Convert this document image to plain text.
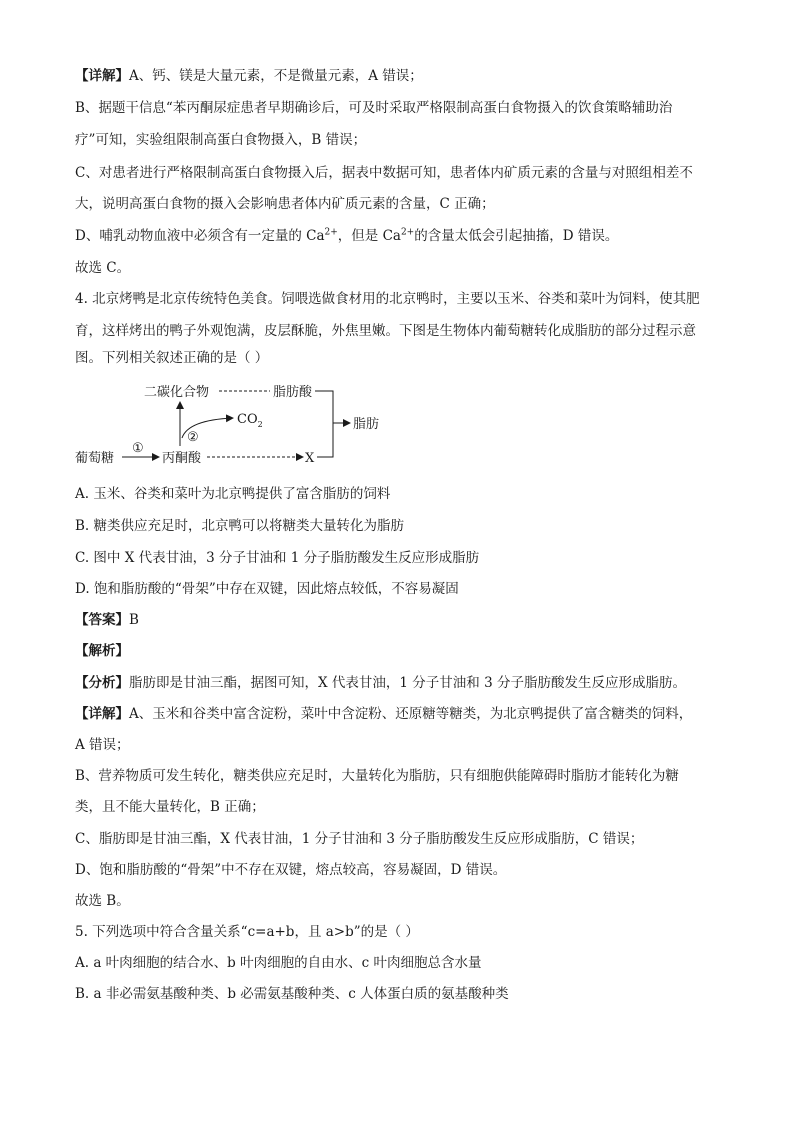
【详解】A、钙、镁是大量元素，不是微量元素，A 错误；
B、据题干信息“苯丙酮尿症患者早期确诊后，可及时采取严格限制高蛋白食物摄入的饮食策略辅助治
疗”可知，实验组限制高蛋白食物摄入，B 错误；
C、对患者进行严格限制高蛋白食物摄入后，据表中数据可知，患者体内矿质元素的含量与对照组相差不
大，说明高蛋白食物的摄入会影响患者体内矿质元素的含量，C 正确；
D、哺乳动物血液中必须含有一定量的 $Ca^{2+}$，但是 $Ca^{2+}$的含量太低会引起抽搐，D 错误。
故选 C。
4. 北京烤鸭是北京传统特色美食。饲喂选做食材用的北京鸭时，主要以玉米、谷类和菜叶为饲料，使其肥
育，这样烤出的鸭子外观饱满，皮层酥脆，外焦里嫩。下图是生物体内葡萄糖转化成脂肪的部分过程示意
图。下列相关叙述正确的是（ ）
二碳化合物	脂肪酸
葡萄糖
①
丙酮酸
②
$CO_2$
X
脂肪
A. 玉米、谷类和菜叶为北京鸭提供了富含脂肪的饲料
B. 糖类供应充足时，北京鸭可以将糖类大量转化为脂肪
C. 图中 X 代表甘油，3 分子甘油和 1 分子脂肪酸发生反应形成脂肪
D. 饱和脂肪酸的“骨架”中存在双键，因此熔点较低，不容易凝固
【答案】B
【解析】
【分析】脂肪即是甘油三酯，据图可知，X 代表甘油，1 分子甘油和 3 分子脂肪酸发生反应形成脂肪。
【详解】A、玉米和谷类中富含淀粉，菜叶中含淀粉、还原糖等糖类，为北京鸭提供了富含糖类的饲料，
A 错误；
B、营养物质可发生转化，糖类供应充足时，大量转化为脂肪，只有细胞供能障碍时脂肪才能转化为糖
类，且不能大量转化，B 正确；
C、脂肪即是甘油三酯，X 代表甘油，1 分子甘油和 3 分子脂肪酸发生反应形成脂肪，C 错误；
D、饱和脂肪酸的“骨架”中不存在双键，熔点较高，容易凝固，D 错误。
故选 B。
5. 下列选项中符合含量关系“c=a+b，且 a>b”的是（ ）
A. a 叶肉细胞的结合水、b 叶肉细胞的自由水、c 叶肉细胞总含水量
B. a 非必需氨基酸种类、b 必需氨基酸种类、c 人体蛋白质的氨基酸种类
